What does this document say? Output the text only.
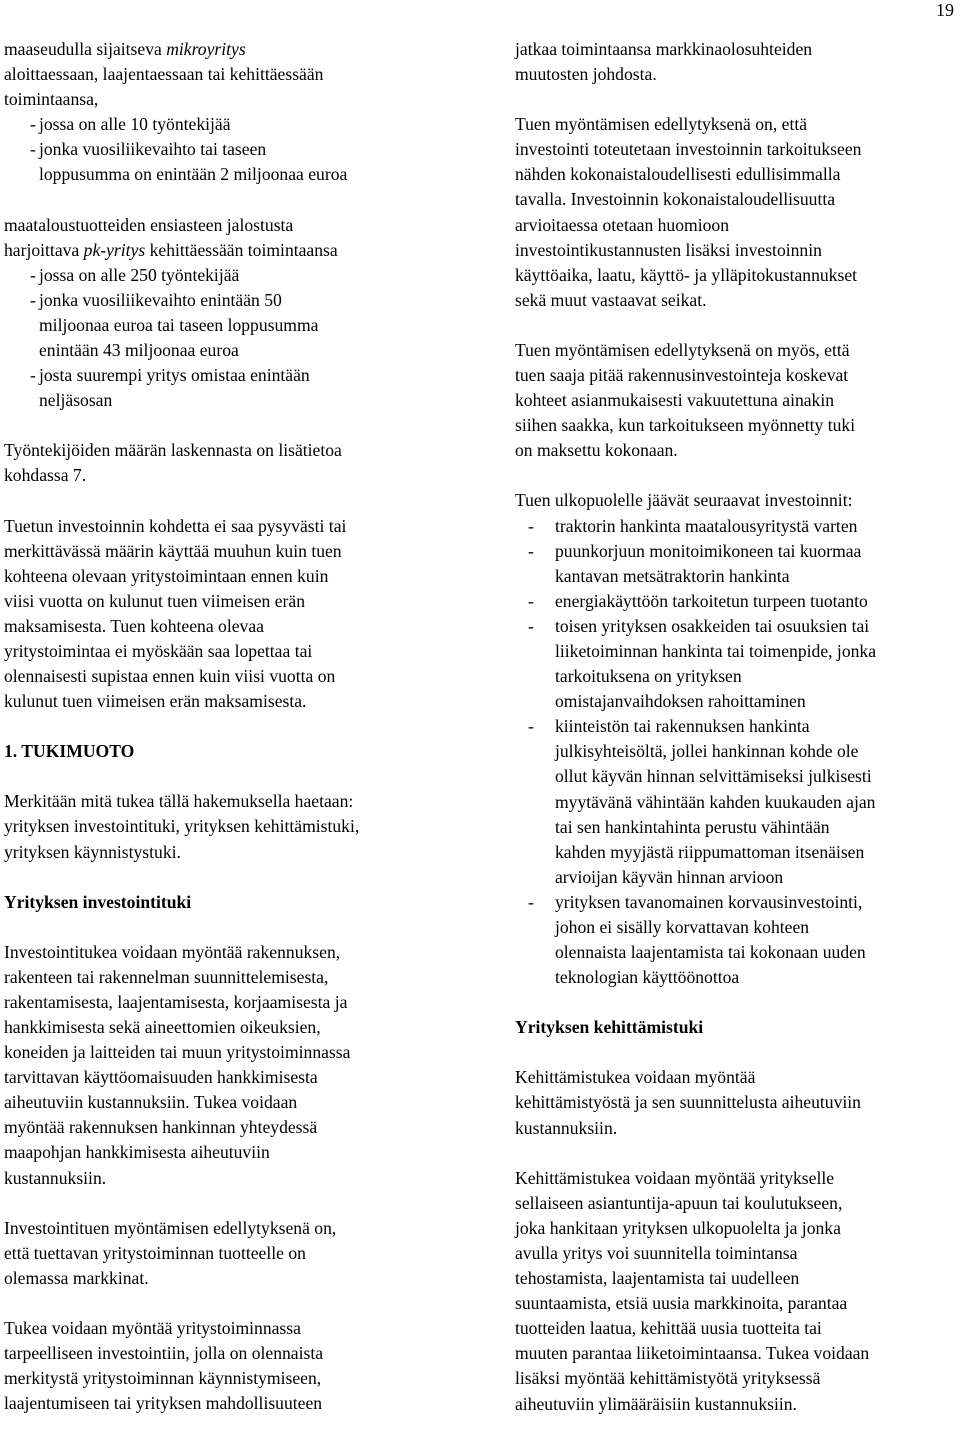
19
maaseudulla sijaitseva mikroyritys
aloittaessaan, laajentaessaan tai kehittäessään
toimintaansa,
- jossa on alle 10 työntekijää
- jonka vuosiliikevaihto tai taseen
loppusumma on enintään 2 miljoonaa euroa
maataloustuotteiden ensiasteen jalostusta
harjoittava pk-yritys kehittäessään toimintaansa
- jossa on alle 250 työntekijää
- jonka vuosiliikevaihto enintään 50
miljoonaa euroa tai taseen loppusumma
enintään 43 miljoonaa euroa
- josta suurempi yritys omistaa enintään
neljäsosan

Työntekijöiden määrän laskennasta on lisätietoa
kohdassa 7.

Tuetun investoinnin kohdetta ei saa pysyvästi tai
merkittävässä määrin käyttää muuhun kuin tuen
kohteena olevaan yritystoimintaan ennen kuin
viisi vuotta on kulunut tuen viimeisen erän
maksamisesta. Tuen kohteena olevaa
yritystoimintaa ei myöskään saa lopettaa tai
olennaisesti supistaa ennen kuin viisi vuotta on
kulunut tuen viimeisen erän maksamisesta.

1. TUKIMUOTO

Merkitään mitä tukea tällä hakemuksella haetaan:
yrityksen investointituki, yrityksen kehittämistuki,
yrityksen käynnistystuki.

Yrityksen investointituki

Investointitukea voidaan myöntää rakennuksen,
rakenteen tai rakennelman suunnittelemisesta,
rakentamisesta, laajentamisesta, korjaamisesta ja
hankkimisesta sekä aineettomien oikeuksien,
koneiden ja laitteiden tai muun yritystoiminnassa
tarvittavan käyttöomaisuuden hankkimisesta
aiheutuviin kustannuksiin. Tukea voidaan
myöntää rakennuksen hankinnan yhteydessä
maapohjan hankkimisesta aiheutuviin
kustannuksiin.

Investointituen myöntämisen edellytyksenä on,
että tuettavan yritystoiminnan tuotteelle on
olemassa markkinat.

Tukea voidaan myöntää yritystoiminnassa
tarpeelliseen investointiin, jolla on olennaista
merkitystä yritystoiminnan käynnistymiseen,
laajentumiseen tai yrityksen mahdollisuuteen

jatkaa toimintaansa markkinaolosuhteiden
muutosten johdosta.

Tuen myöntämisen edellytyksenä on, että
investointi toteutetaan investoinnin tarkoitukseen
nähden kokonaistaloudellisesti edullisimmalla
tavalla. Investoinnin kokonaistaloudellisuutta
arvioitaessa otetaan huomioon
investointikustannusten lisäksi investoinnin
käyttöaika, laatu, käyttö- ja ylläpitokustannukset
sekä muut vastaavat seikat.

Tuen myöntämisen edellytyksenä on myös, että
tuen saaja pitää rakennusinvestointeja koskevat
kohteet asianmukaisesti vakuutettuna ainakin
siihen saakka, kun tarkoitukseen myönnetty tuki
on maksettu kokonaan.

Tuen ulkopuolelle jäävät seuraavat investoinnit:
- traktorin hankinta maatalousyritystä varten
- puunkorjuun monitoimikoneen tai kuormaa
kantavan metsätraktorin hankinta
- energiakäyttöön tarkoitetun turpeen tuotanto
- toisen yrityksen osakkeiden tai osuuksien tai
liiketoiminnan hankinta tai toimenpide, jonka
tarkoituksena on yrityksen
omistajanvaihdoksen rahoittaminen
- kiinteistön tai rakennuksen hankinta
julkisyhteisöltä, jollei hankinnan kohde ole
ollut käyvän hinnan selvittämiseksi julkisesti
myytävänä vähintään kahden kuukauden ajan
tai sen hankintahinta perustu vähintään
kahden myyjästä riippumattoman itsenäisen
arvioijan käyvän hinnan arvioon
- yrityksen tavanomainen korvausinvestointi,
johon ei sisälly korvattavan kohteen
olennaista laajentamista tai kokonaan uuden
teknologian käyttöönottoa
Yrityksen kehittämistuki

Kehittämistukea voidaan myöntää
kehittämistyöstä ja sen suunnittelusta aiheutuviin
kustannuksiin.

Kehittämistukea voidaan myöntää yritykselle
sellaiseen asiantuntija-apuun tai koulutukseen,
joka hankitaan yrityksen ulkopuolelta ja jonka
avulla yritys voi suunnitella toimintansa
tehostamista, laajentamista tai uudelleen
suuntaamista, etsiä uusia markkinoita, parantaa
tuotteiden laatua, kehittää uusia tuotteita tai
muuten parantaa liiketoimintaansa. Tukea voidaan
lisäksi myöntää kehittämistyötä yrityksessä
aiheutuviin ylimääräisiin kustannuksiin.
